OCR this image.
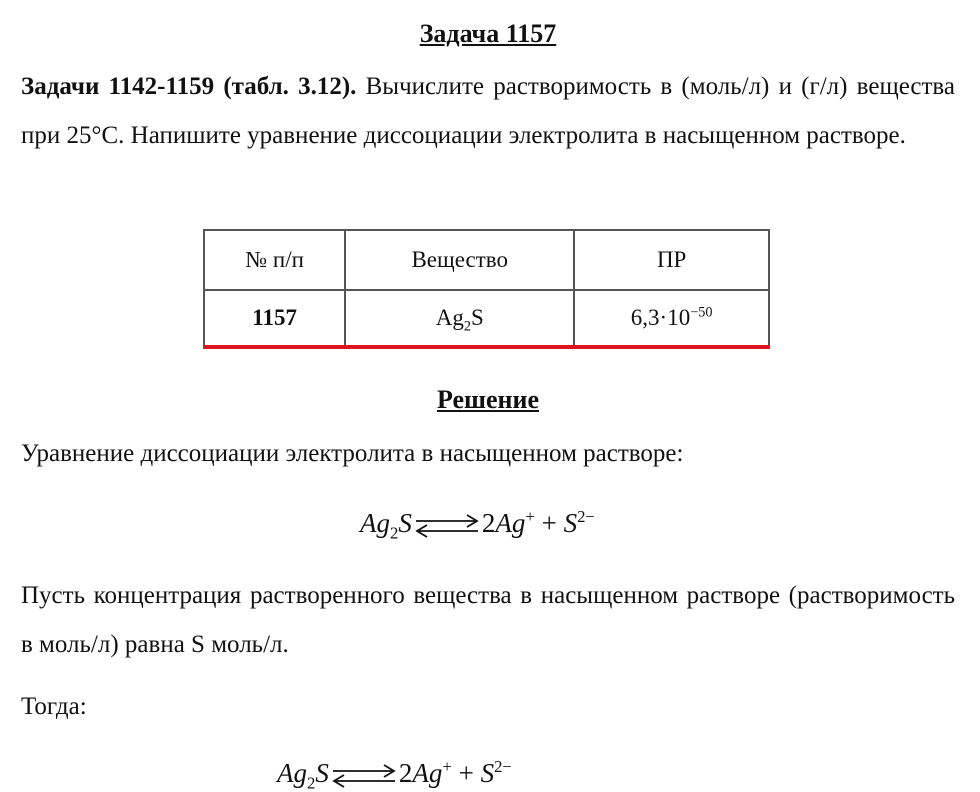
Задача 1157

Задачи 1142-1159 (табл. 3.12). Вычислите растворимость в (моль/л) и (г/л) вещества при 25°С. Напишите уравнение диссоциации электролита в насыщенном растворе.

№ п/п	Вещество	ПР
1157	$Ag_2S$	$6,3\cdot 10^{-50}$
Решение

Уравнение диссоциации электролита в насыщенном растворе:

$Ag_2S$ ⇌ $2Ag^+ + S^{2-}$

Пусть концентрация растворенного вещества в насыщенном растворе (растворимость в моль/л) равна S моль/л.

Тогда:

$Ag_2S$ ⇌ $2Ag^+ + S^{2-}$
